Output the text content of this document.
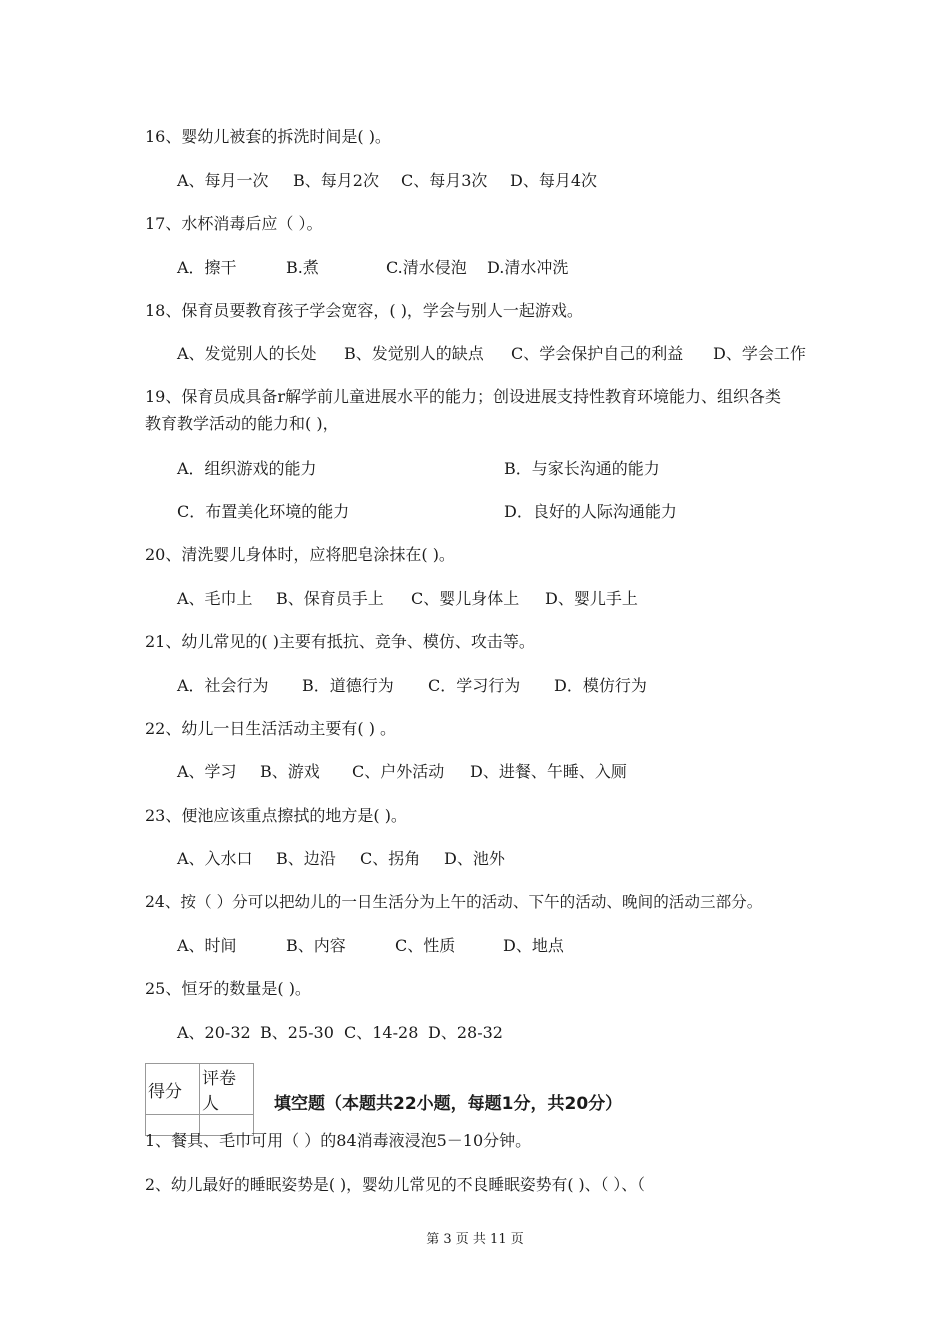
16、婴幼儿被套的拆洗时间是( )。
A、每月一次 B、每月2次 C、每月3次 D、每月4次
17、水杯消毒后应（ ）。
A．擦干	B.煮	C.清水侵泡 D.清水冲洗
18、保育员要教育孩子学会宽容，( )，学会与别人一起游戏。
A、发觉别人的长处 B、发觉别人的缺点 C、学会保护自己的利益 D、学会工作
19、保育员成具备r解学前儿童进展水平的能力；创设进展支持性教育环境能力、组织各类
教育教学活动的能力和( )，
A．组织游戏的能力	B．与家长沟通的能力
C．布置美化环境的能力	D．良好的人际沟通能力
20、清洗婴儿身体时，应将肥皂涂抹在( )。
A、毛巾上 B、保育员手上 C、婴儿身体上 D、婴儿手上
21、幼儿常见的( )主要有抵抗、竞争、模仿、攻击等。
A．社会行为 B．道德行为 C．学习行为 D．模仿行为
22、幼儿一日生活活动主要有( ) 。
A、学习 B、游戏 C、户外活动 D、进餐、午睡、入厕
23、便池应该重点擦拭的地方是( )。
A、入水口 B、边沿 C、拐角 D、池外
24、按（ ）分可以把幼儿的一日生活分为上午的活动、下午的活动、晚间的活动三部分。
A、时间	B、内容	C、性质	D、地点
25、恒牙的数量是( )。
A、20-32 B、25-30 C、14-28 D、28-32
得分	评卷人
		填空题（本题共22小题，每题1分，共20分）
1、餐具、毛巾可用（ ）的84消毒液浸泡5－10分钟。
2、幼儿最好的睡眠姿势是( )，婴幼儿常见的不良睡眠姿势有( )、（ ）、（
第 3 页 共 11 页
